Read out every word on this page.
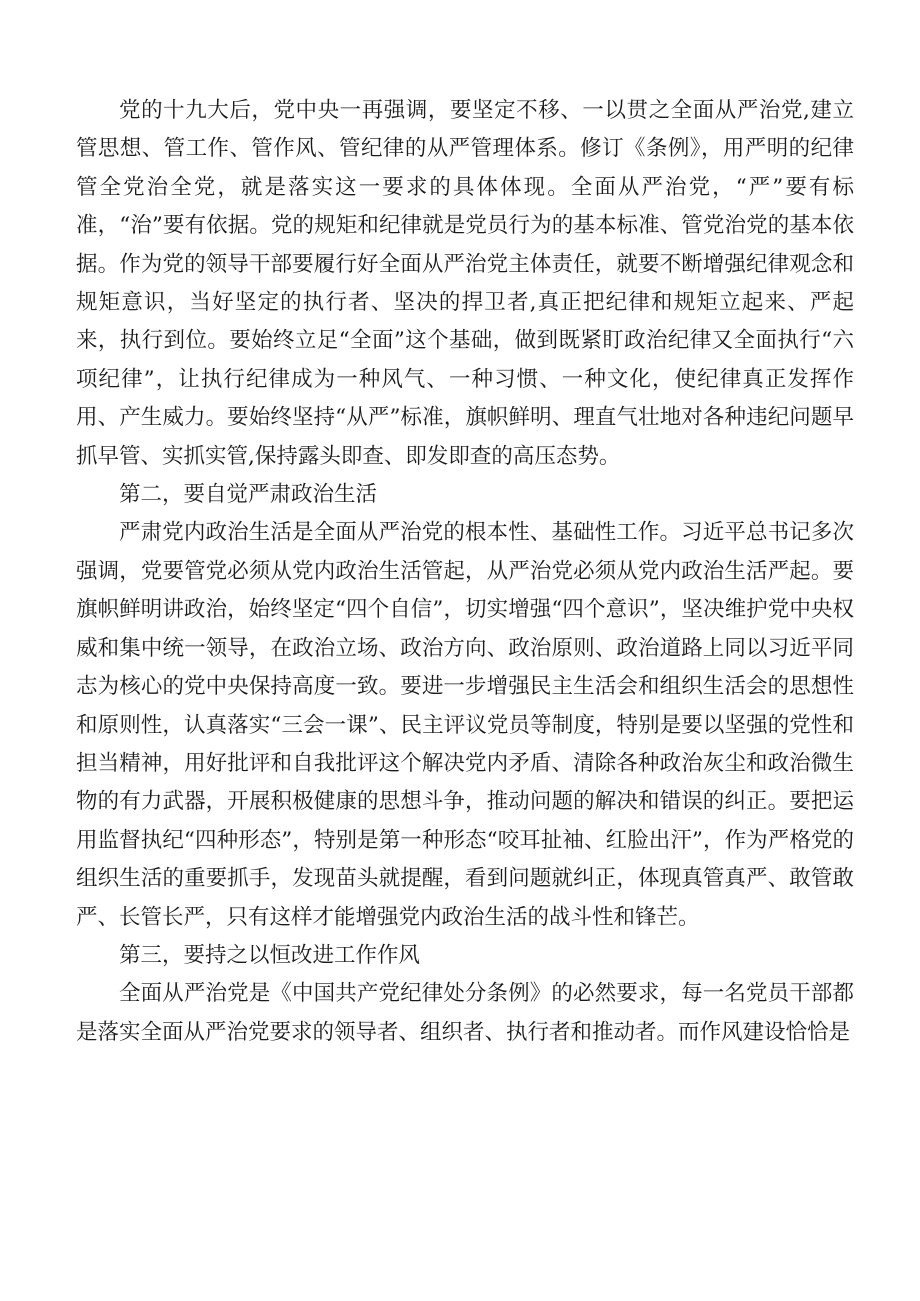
党的十九大后，党中央一再强调，要坚定不移、一以贯之全面从严治党,建立管思想、管工作、管作风、管纪律的从严管理体系。修订《条例》，用严明的纪律管全党治全党，就是落实这一要求的具体体现。全面从严治党，“严”要有标准，“治”要有依据。党的规矩和纪律就是党员行为的基本标准、管党治党的基本依据。作为党的领导干部要履行好全面从严治党主体责任，就要不断增强纪律观念和规矩意识，当好坚定的执行者、坚决的捍卫者,真正把纪律和规矩立起来、严起来，执行到位。要始终立足“全面”这个基础，做到既紧盯政治纪律又全面执行“六项纪律”，让执行纪律成为一种风气、一种习惯、一种文化，使纪律真正发挥作用、产生威力。要始终坚持“从严”标准，旗帜鲜明、理直气壮地对各种违纪问题早抓早管、实抓实管,保持露头即查、即发即查的高压态势。

第二，要自觉严肃政治生活

严肃党内政治生活是全面从严治党的根本性、基础性工作。习近平总书记多次强调，党要管党必须从党内政治生活管起，从严治党必须从党内政治生活严起。要旗帜鲜明讲政治，始终坚定“四个自信”，切实增强“四个意识”，坚决维护党中央权威和集中统一领导，在政治立场、政治方向、政治原则、政治道路上同以习近平同志为核心的党中央保持高度一致。要进一步增强民主生活会和组织生活会的思想性和原则性，认真落实“三会一课”、民主评议党员等制度，特别是要以坚强的党性和担当精神，用好批评和自我批评这个解决党内矛盾、清除各种政治灰尘和政治微生物的有力武器，开展积极健康的思想斗争，推动问题的解决和错误的纠正。要把运用监督执纪“四种形态”，特别是第一种形态“咬耳扯袖、红脸出汗”，作为严格党的组织生活的重要抓手，发现苗头就提醒，看到问题就纠正，体现真管真严、敢管敢严、长管长严，只有这样才能增强党内政治生活的战斗性和锋芒。

第三，要持之以恒改进工作作风

全面从严治党是《中国共产党纪律处分条例》的必然要求，每一名党员干部都是落实全面从严治党要求的领导者、组织者、执行者和推动者。而作风建设恰恰是
